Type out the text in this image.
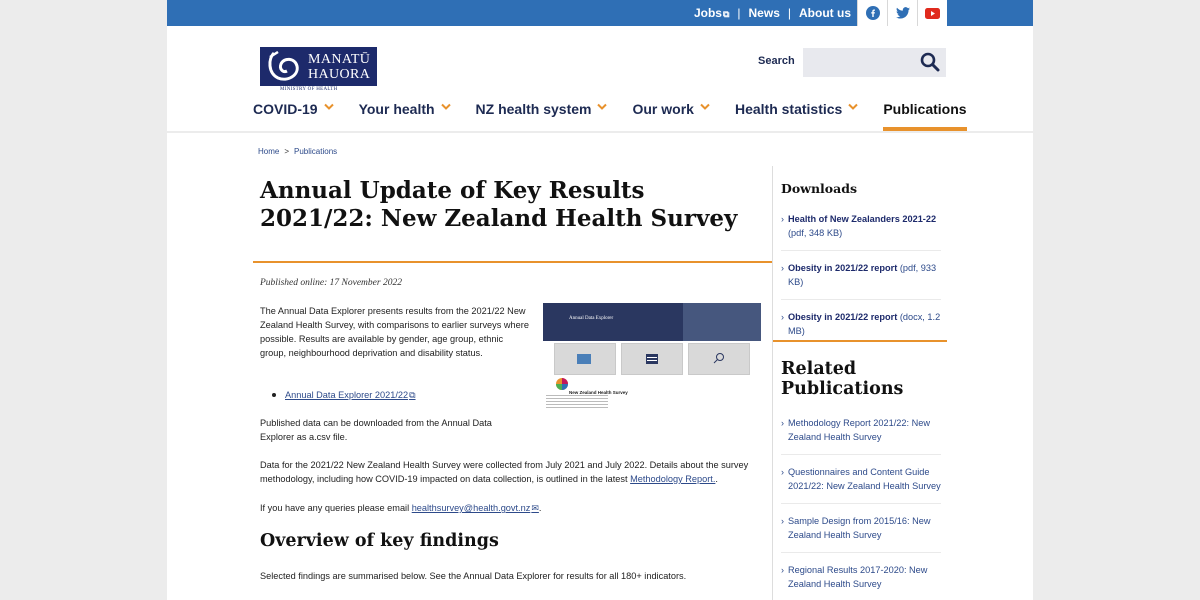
Jobs⧉ | News | About us
MANATŪ
HAUORA
MINISTRY OF HEALTH
Search
COVID-19	Your health	NZ health system	Our work	Health statistics	Publications
Home > Publications
Annual Update of Key Results 2021/22: New Zealand Health Survey
Published online: 17 November 2022

The Annual Data Explorer presents results from the 2021/22 New Zealand Health Survey, with comparisons to earlier surveys where possible. Results are available by gender, age group, ethnic group, neighbourhood deprivation and disability status.

Annual Data Explorer 2021/22⧉

Published data can be downloaded from the Annual Data Explorer as a.csv file.

Data for the 2021/22 New Zealand Health Survey were collected from July 2021 and July 2022. Details about the survey methodology, including how COVID-19 impacted on data collection, is outlined in the latest Methodology Report..

If you have any queries please email healthsurvey@health.govt.nz✉.

Overview of key findings

Selected findings are summarised below. See the Annual Data Explorer for results for all 180+ indicators.

Annual Data Explorer
New Zealand Health Survey
Downloads
› Health of New Zealanders 2021-22 (pdf, 348 KB)
› Obesity in 2021/22 report (pdf, 933 KB)
› Obesity in 2021/22 report (docx, 1.2 MB)
Related Publications
› Methodology Report 2021/22: New Zealand Health Survey
› Questionnaires and Content Guide 2021/22: New Zealand Health Survey
› Sample Design from 2015/16: New Zealand Health Survey
› Regional Results 2017-2020: New Zealand Health Survey
